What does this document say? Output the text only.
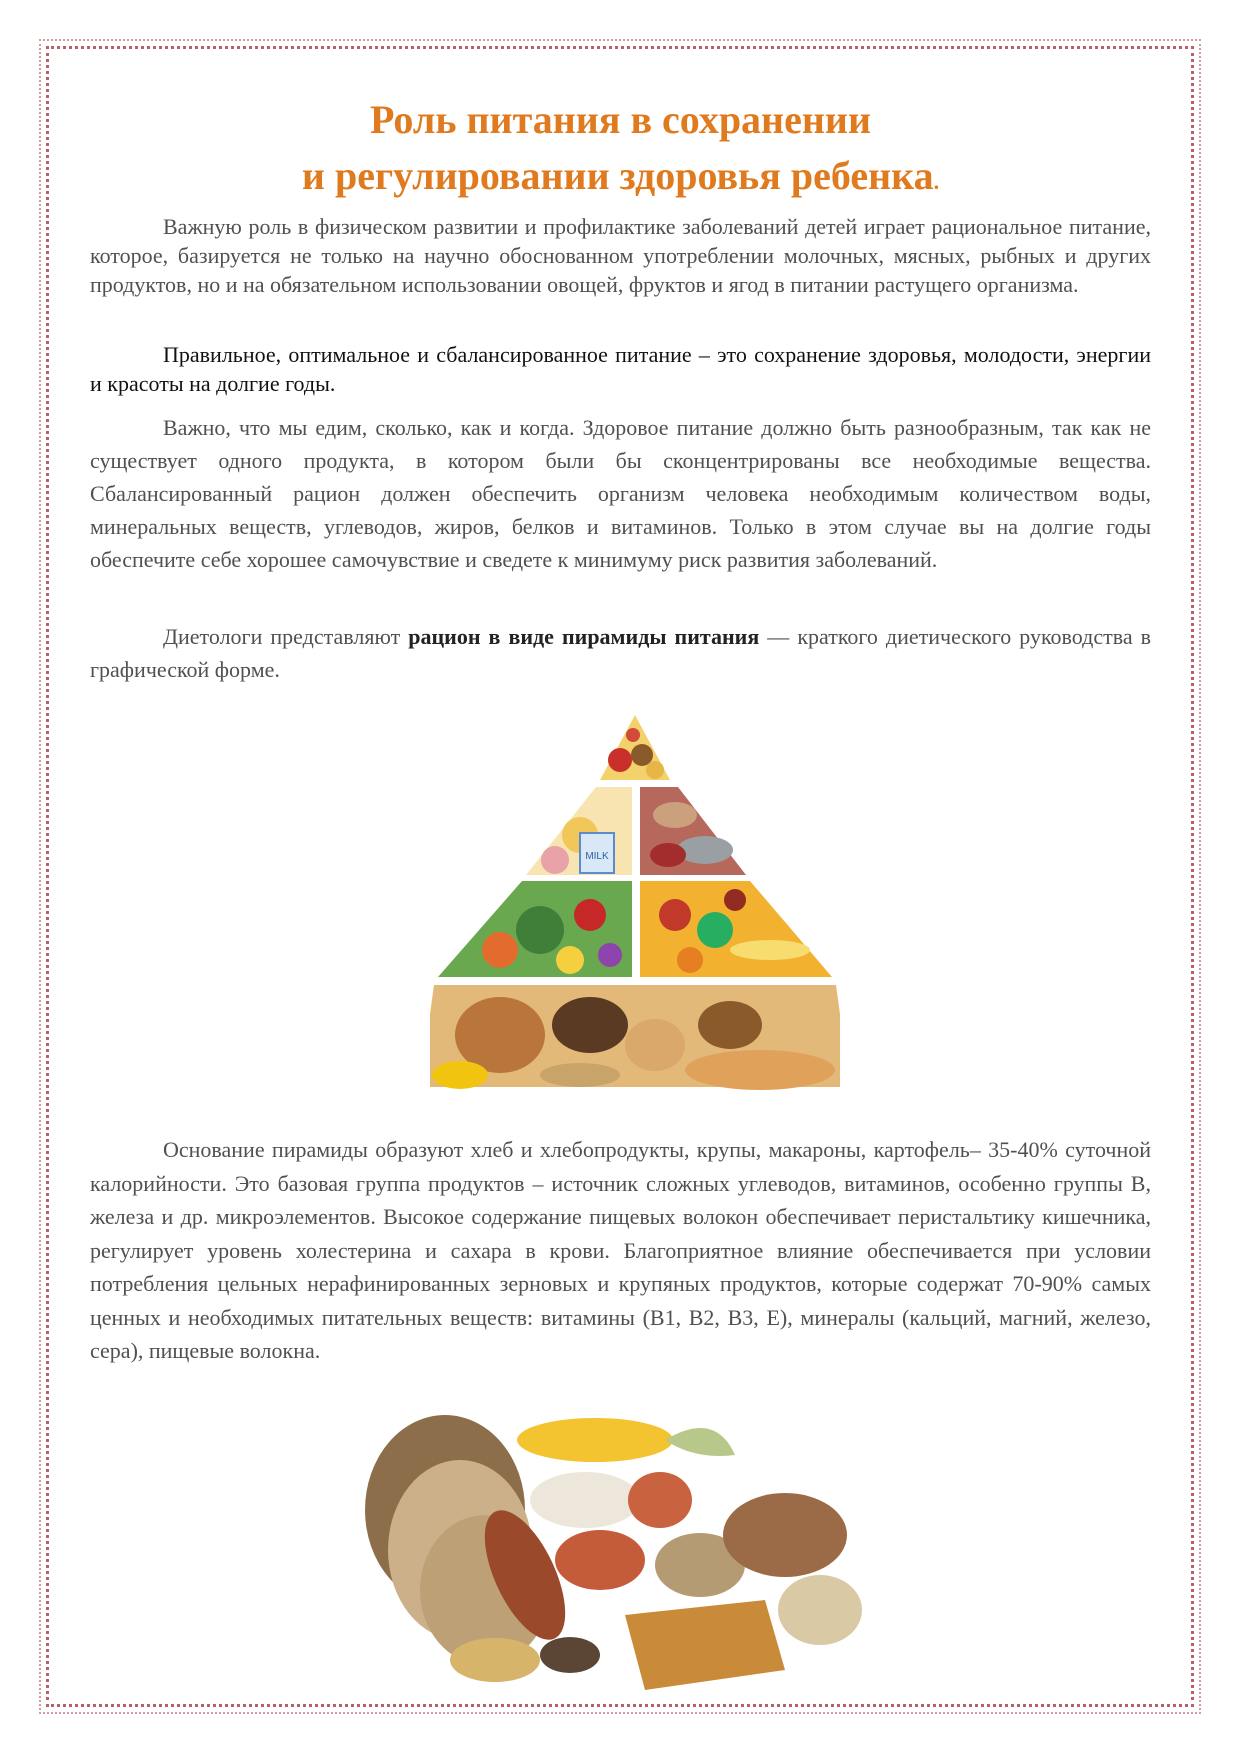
Роль питания в сохранении
и регулировании здоровья ребенка.

Важную роль в физическом развитии и профилактике заболеваний детей играет рациональное питание, которое, базируется не только на научно обоснованном употреблении молочных, мясных, рыбных и других продуктов, но и на обязательном использовании овощей, фруктов и ягод в питании растущего организма.

Правильное, оптимальное и сбалансированное питание – это сохранение здоровья, молодости, энергии и красоты на долгие годы.

Важно, что мы едим, сколько, как и когда. Здоровое питание должно быть разнообразным, так как не существует одного продукта, в котором были бы сконцентрированы все необходимые вещества. Сбалансированный рацион должен обеспечить организм человека необходимым количеством воды, минеральных веществ, углеводов, жиров, белков и витаминов. Только в этом случае вы на долгие годы обеспечите себе хорошее самочувствие и сведете к минимуму риск развития заболеваний.

Диетологи представляют рацион в виде пирамиды питания — краткого диетического руководства в графической форме.

MILK

Основание пирамиды образуют хлеб и хлебопродукты, крупы, макароны, картофель– 35-40% суточной калорийности. Это базовая группа продуктов – источник сложных углеводов, витаминов, особенно группы B, железа и др. микроэлементов. Высокое содержание пищевых волокон обеспечивает перистальтику кишечника, регулирует уровень холестерина и сахара в крови. Благоприятное влияние обеспечивается при условии потребления цельных нерафинированных зерновых и крупяных продуктов, которые содержат 70-90% самых ценных и необходимых питательных веществ: витамины (B1, B2, B3, E), минералы (кальций, магний, железо, сера), пищевые волокна.
